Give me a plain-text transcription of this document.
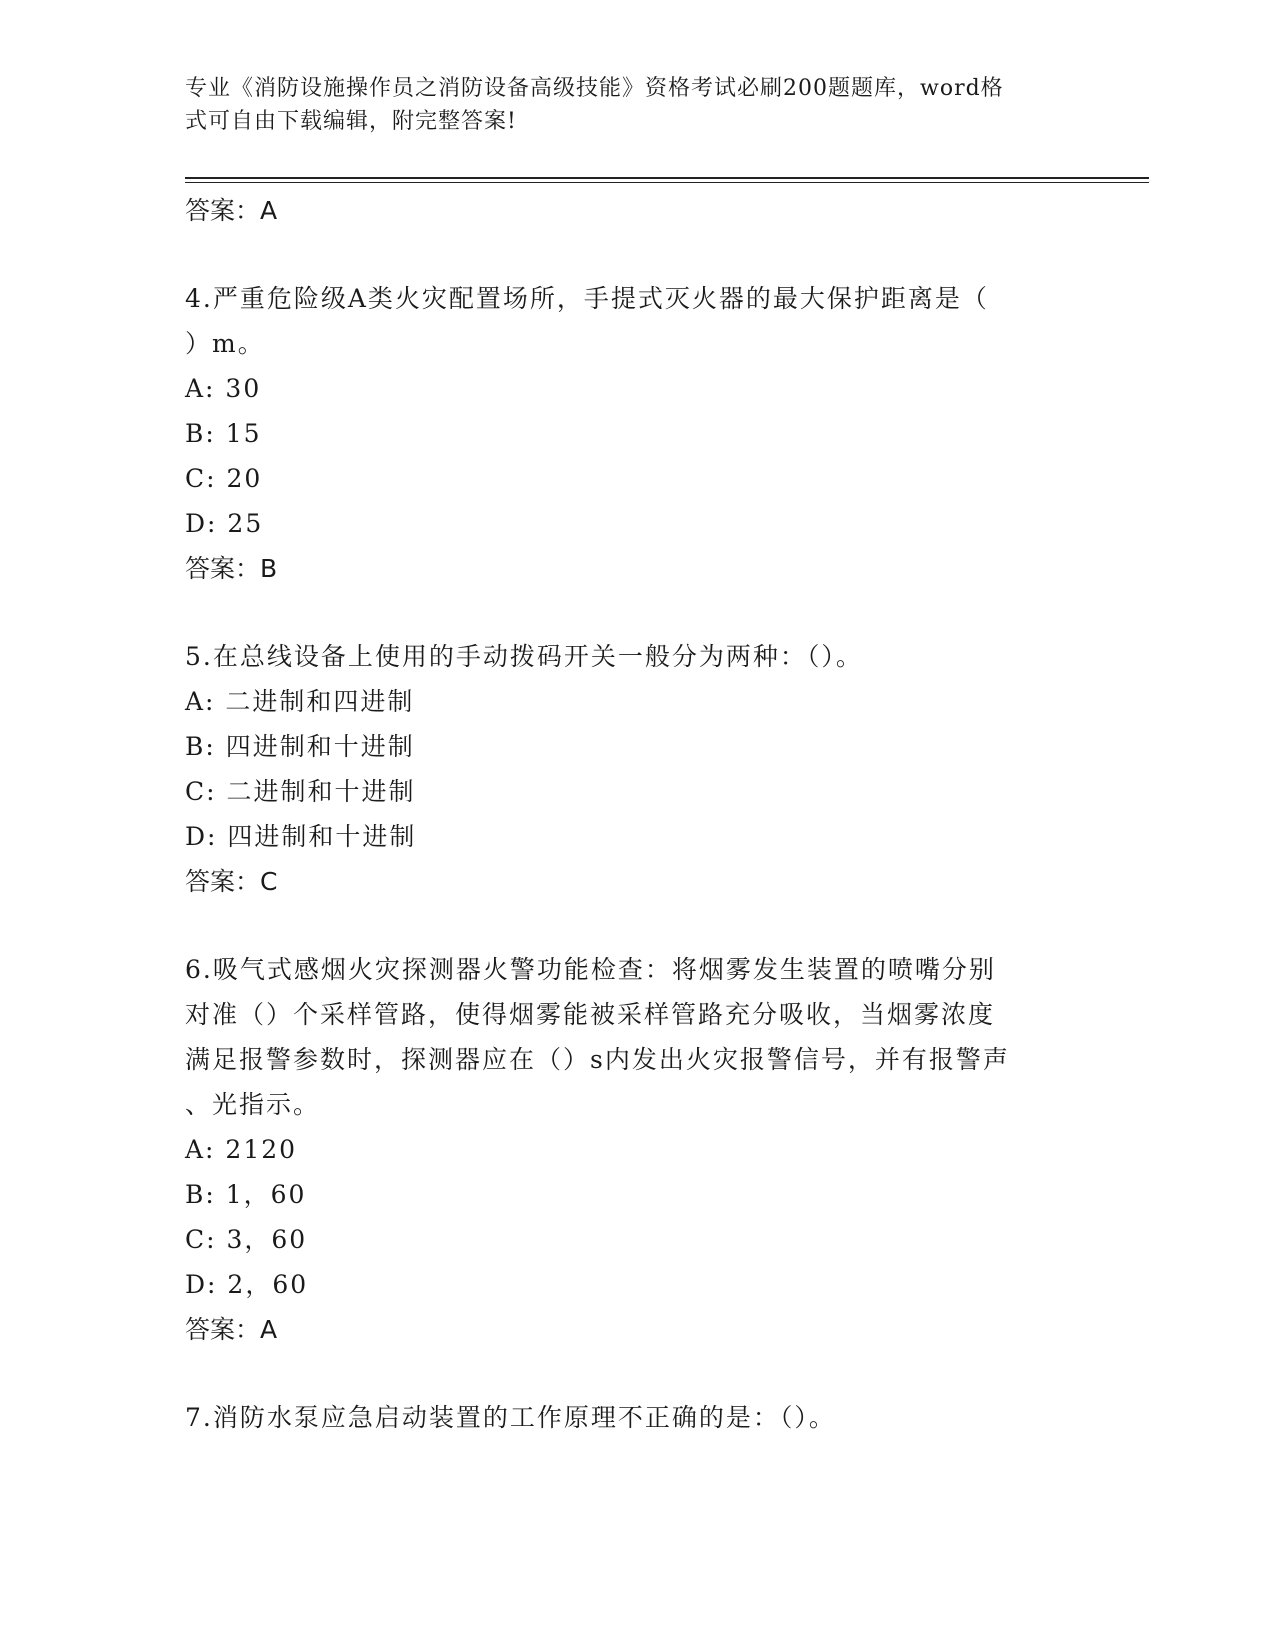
专业《消防设施操作员之消防设备高级技能》资格考试必刷200题题库，word格
式可自由下载编辑，附完整答案!
答案：A
4.严重危险级A类火灾配置场所，手提式灭火器的最大保护距离是（
）m。
A: 30
B: 15
C: 20
D: 25
答案：B
5.在总线设备上使用的手动拨码开关一般分为两种：（）。
A: 二进制和四进制
B: 四进制和十进制
C: 二进制和十进制
D: 四进制和十进制
答案：C
6.吸气式感烟火灾探测器火警功能检查：将烟雾发生装置的喷嘴分别
对准（）个采样管路，使得烟雾能被采样管路充分吸收，当烟雾浓度
满足报警参数时，探测器应在（）s内发出火灾报警信号，并有报警声
、光指示。
A: 2120
B: 1，60
C: 3，60
D: 2，60
答案：A
7.消防水泵应急启动装置的工作原理不正确的是：（）。
